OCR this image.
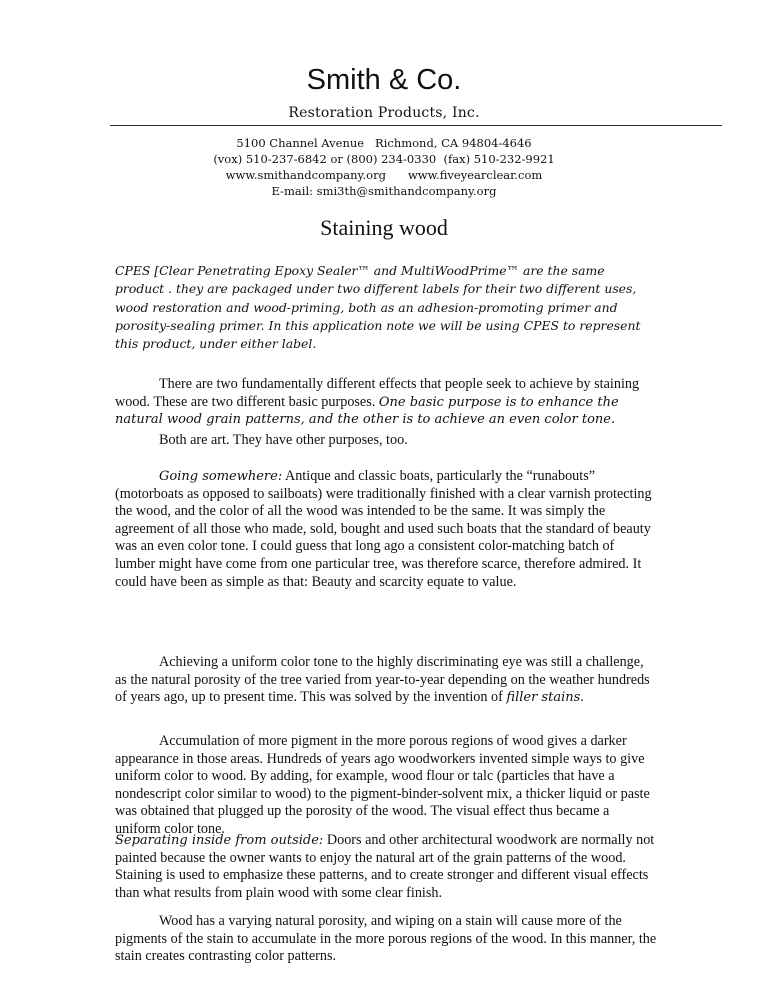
Smith & Co.
Restoration Products, Inc.
5100 Channel Avenue   Richmond, CA 94804-4646
(vox) 510-237-6842 or (800) 234-0330  (fax) 510-232-9921
www.smithandcompany.org www.fiveyearclear.com
E-mail: smi3th@smithandcompany.org
Staining wood
CPES [Clear Penetrating Epoxy Sealer™ and MultiWoodPrime™ are the same product . they are packaged under two different labels for their two different uses, wood restoration and wood-priming, both as an adhesion-promoting primer and porosity-sealing primer. In this application note we will be using CPES to represent this product, under either label.
There are two fundamentally different effects that people seek to achieve by staining wood. These are two different basic purposes. One basic purpose is to enhance the natural wood grain patterns, and the other is to achieve an even color tone.
Both are art. They have other purposes, too.
Going somewhere: Antique and classic boats, particularly the “runabouts” (motorboats as opposed to sailboats) were traditionally finished with a clear varnish protecting the wood, and the color of all the wood was intended to be the same. It was simply the agreement of all those who made, sold, bought and used such boats that the standard of beauty was an even color tone. I could guess that long ago a consistent color-matching batch of lumber might have come from one particular tree, was therefore scarce, therefore admired. It could have been as simple as that: Beauty and scarcity equate to value.
Achieving a uniform color tone to the highly discriminating eye was still a challenge, as the natural porosity of the tree varied from year-to-year depending on the weather hundreds of years ago, up to present time. This was solved by the invention of filler stains.
Accumulation of more pigment in the more porous regions of wood gives a darker appearance in those areas. Hundreds of years ago woodworkers invented simple ways to give uniform color to wood. By adding, for example, wood flour or talc (particles that have a nondescript color similar to wood) to the pigment-binder-solvent mix, a thicker liquid or paste was obtained that plugged up the porosity of the wood. The visual effect thus became a uniform color tone.
Separating inside from outside: Doors and other architectural woodwork are normally not painted because the owner wants to enjoy the natural art of the grain patterns of the wood. Staining is used to emphasize these patterns, and to create stronger and different visual effects than what results from plain wood with some clear finish.
Wood has a varying natural porosity, and wiping on a stain will cause more of the pigments of the stain to accumulate in the more porous regions of the wood. In this manner, the stain creates contrasting color patterns.
